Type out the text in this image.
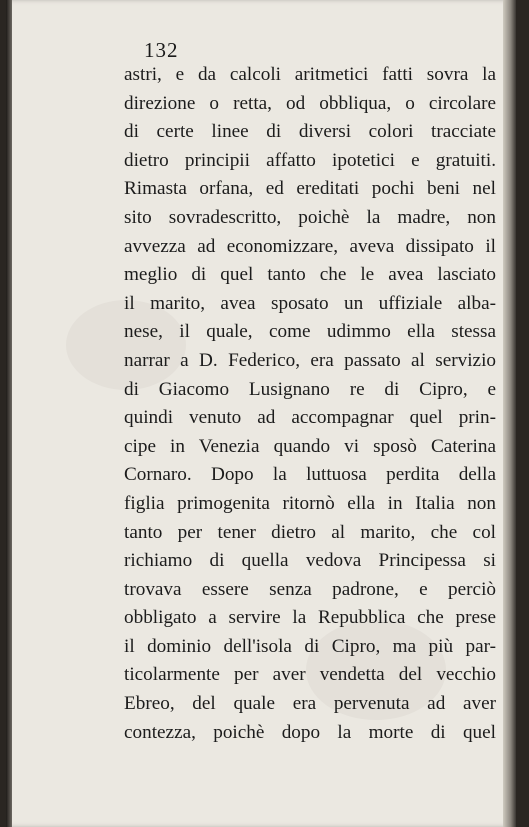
132
astri, e da calcoli aritmetici fatti sovra la
direzione o retta, od obbliqua, o circolare
di certe linee di diversi colori tracciate
dietro principii affatto ipotetici e gratuiti.
Rimasta orfana, ed ereditati pochi beni nel
sito sovradescritto, poichè la madre, non
avvezza ad economizzare, aveva dissipato il
meglio di quel tanto che le avea lasciato
il marito, avea sposato un uffiziale alba-
nese, il quale, come udimmo ella stessa
narrar a D. Federico, era passato al servizio
di Giacomo Lusignano re di Cipro, e
quindi venuto ad accompagnar quel prin-
cipe in Venezia quando vi sposò Caterina
Cornaro. Dopo la luttuosa perdita della
figlia primogenita ritornò ella in Italia non
tanto per tener dietro al marito, che col
richiamo di quella vedova Principessa si
trovava essere senza padrone, e perciò
obbligato a servire la Repubblica che prese
il dominio dell'isola di Cipro, ma più par-
ticolarmente per aver vendetta del vecchio
Ebreo, del quale era pervenuta ad aver
contezza, poichè dopo la morte di quel
